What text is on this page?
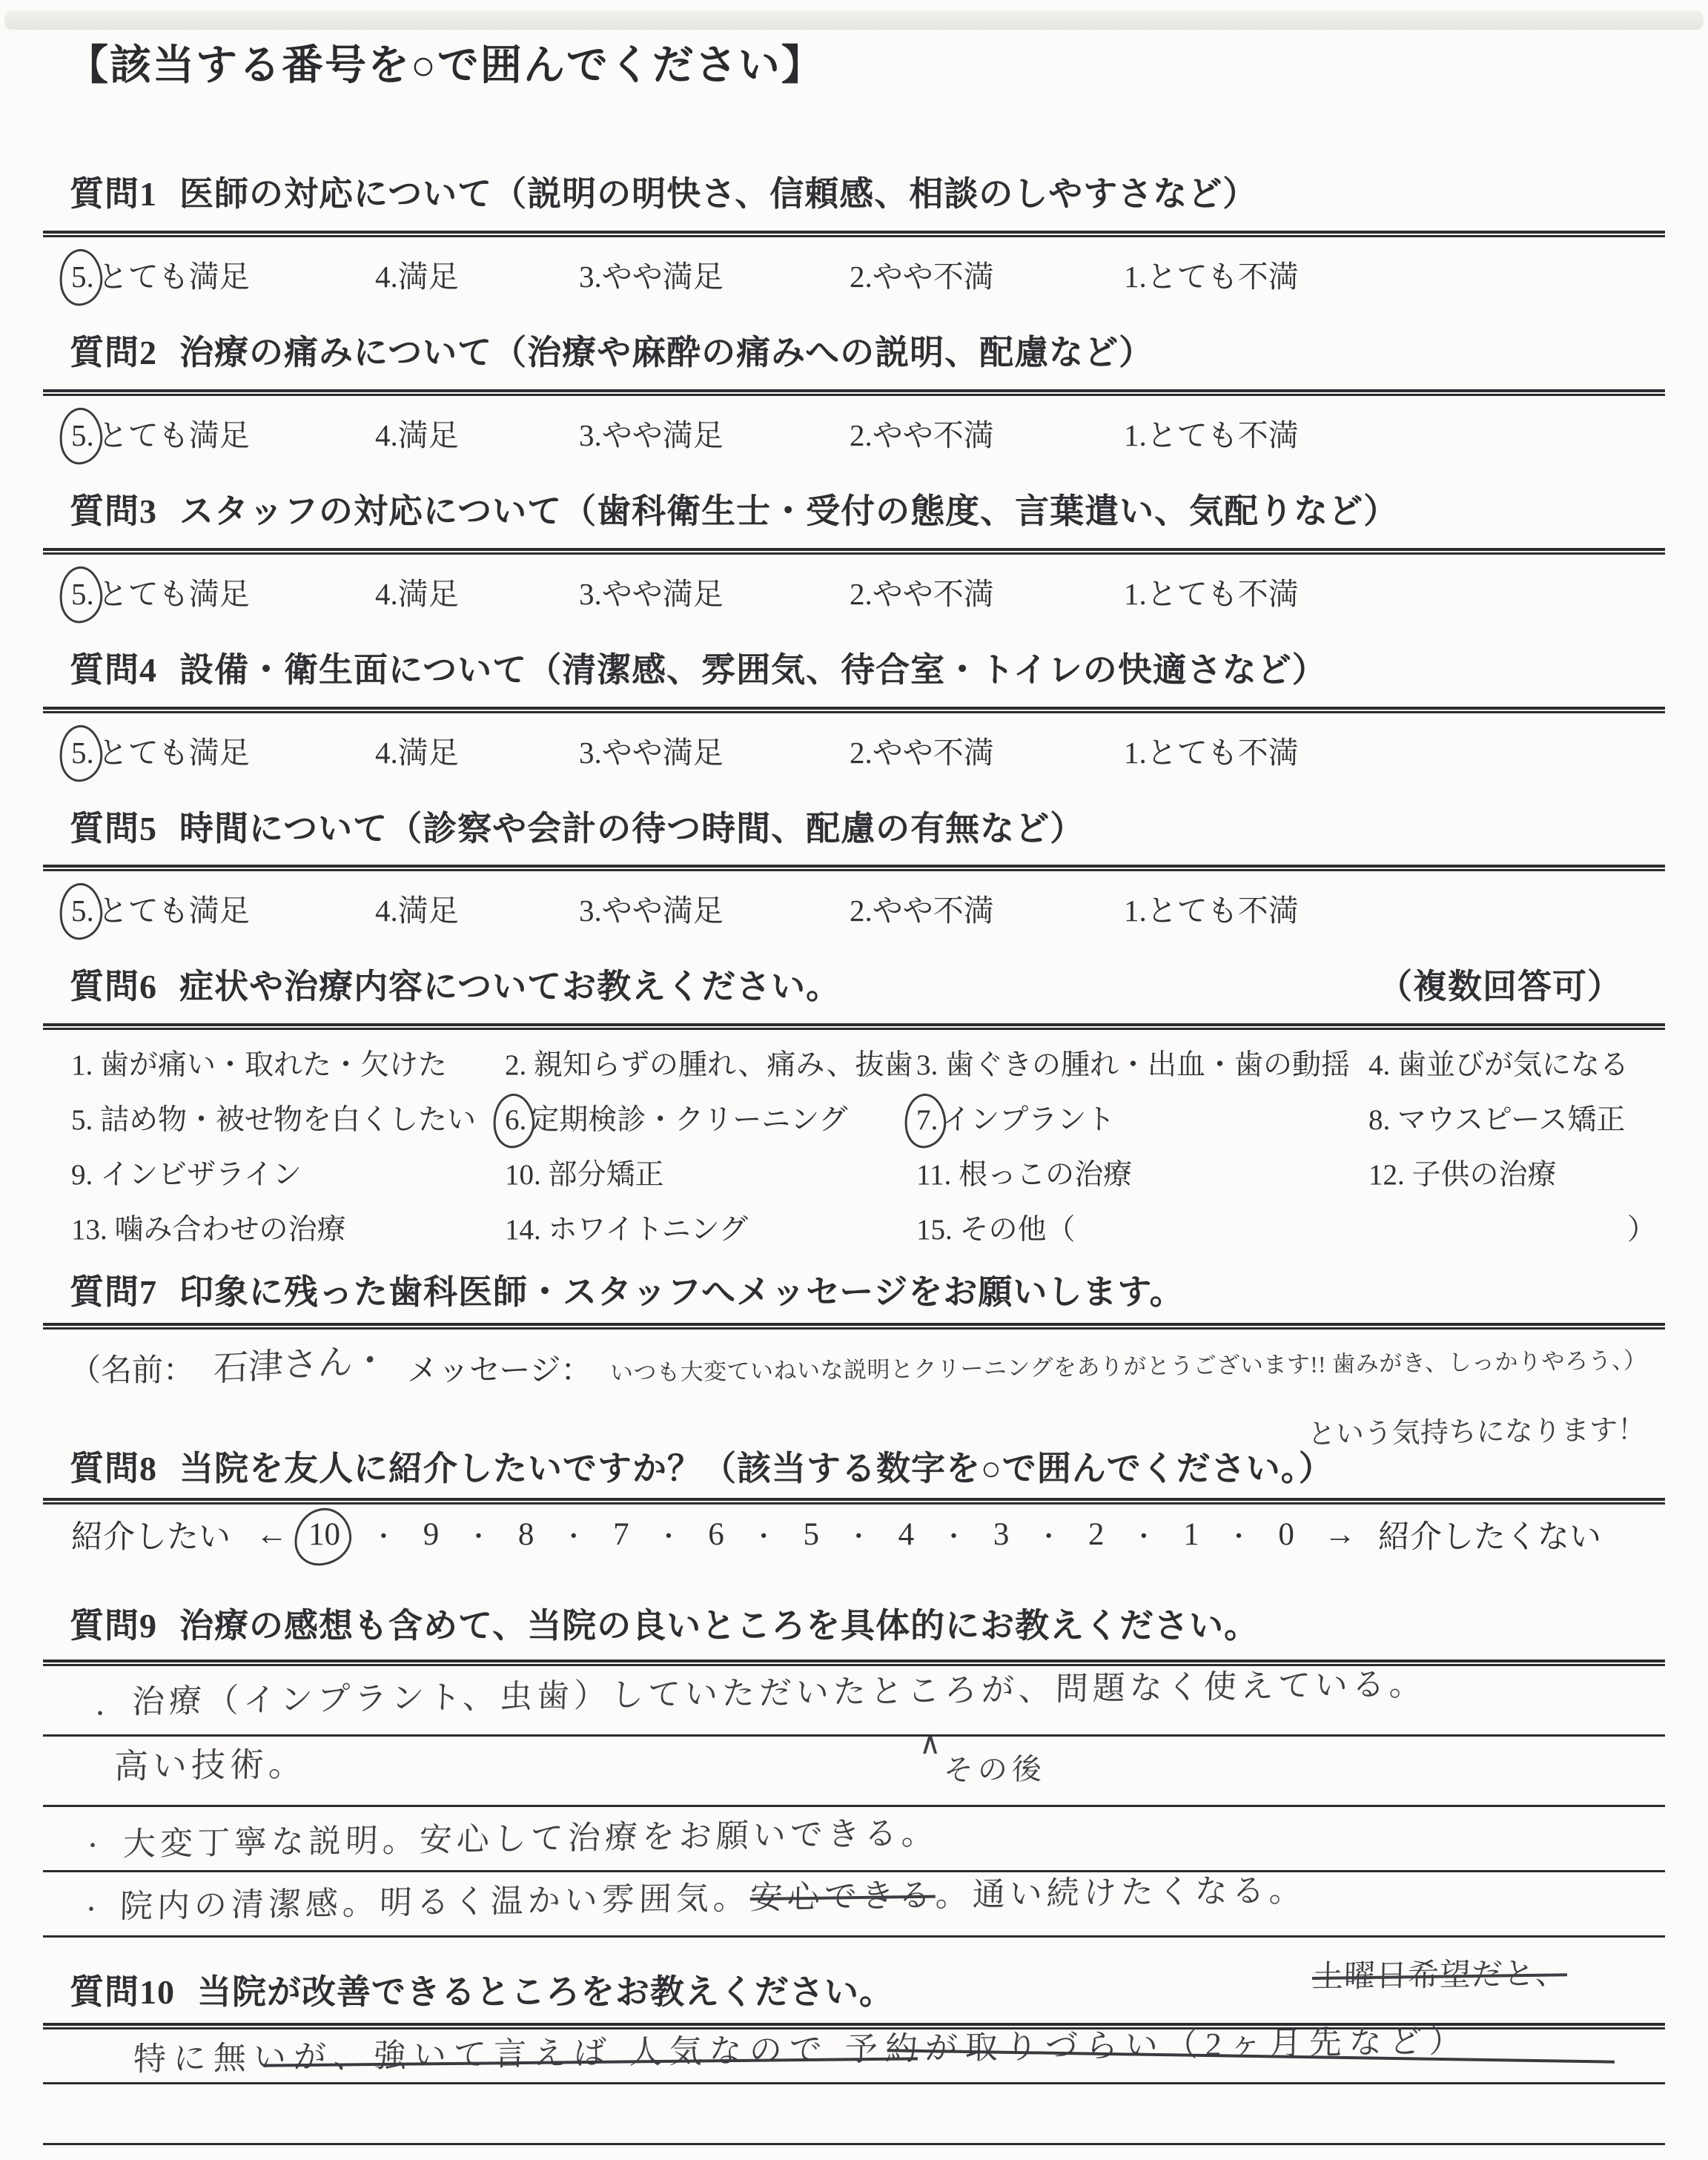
【該当する番号を○で囲んでください】
質問1 医師の対応について（説明の明快さ、信頼感、相談のしやすさなど）
5. とても満足	4.満足	3.やや満足	2.やや不満	1.とても不満
質問2 治療の痛みについて（治療や麻酔の痛みへの説明、配慮など）
5. とても満足	4.満足	3.やや満足	2.やや不満	1.とても不満
質問3 スタッフの対応について（歯科衛生士・受付の態度、言葉遣い、気配りなど）
5. とても満足	4.満足	3.やや満足	2.やや不満	1.とても不満
質問4 設備・衛生面について（清潔感、雰囲気、待合室・トイレの快適さなど）
5. とても満足	4.満足	3.やや満足	2.やや不満	1.とても不満
質問5 時間について（診察や会計の待つ時間、配慮の有無など）
5. とても満足	4.満足	3.やや満足	2.やや不満	1.とても不満
質問6 症状や治療内容についてお教えください。	（複数回答可）
1. 歯が痛い・取れた・欠けた	2. 親知らずの腫れ、痛み、抜歯 3. 歯ぐきの腫れ・出血・歯の動揺 4. 歯並びが気になる
5. 詰め物・被せ物を白くしたい 6. 定期検診・クリーニング	7. インプラント	8. マウスピース矯正
9. インビザライン	10. 部分矯正	11. 根っこの治療	12. 子供の治療
13. 噛み合わせの治療	14. ホワイトニング	15. その他（	）
質問7 印象に残った歯科医師・スタッフへメッセージをお願いします。
（名前： 石津さん・ メッセージ： いつも大変ていねいな説明とクリーニングをありがとうございます!! 歯みがき、しっかりやろう、）
という気持ちになります！
質問8 当院を友人に紹介したいですか？（該当する数字を○で囲んでください。）
紹介したい ← 10 ・ 9 ・ 8 ・ 7 ・ 6 ・ 5 ・ 4 ・ 3 ・ 2 ・ 1 ・ 0 → 紹介したくない
質問9 治療の感想も含めて、当院の良いところを具体的にお教えください。
・ 治療（インプラント、虫歯）していただいたところが、問題なく使えている。
∧
その後
高い技術。
・ 大変丁寧な説明。安心して治療をお願いできる。
・ 院内の清潔感。明るく温かい雰囲気。安心できる。通い続けたくなる。
質問10 当院が改善できるところをお教えください。	土曜日希望だと、
特に無いが、強いて言えば 人気なので 予約が取りづらい（2ヶ月先など）
